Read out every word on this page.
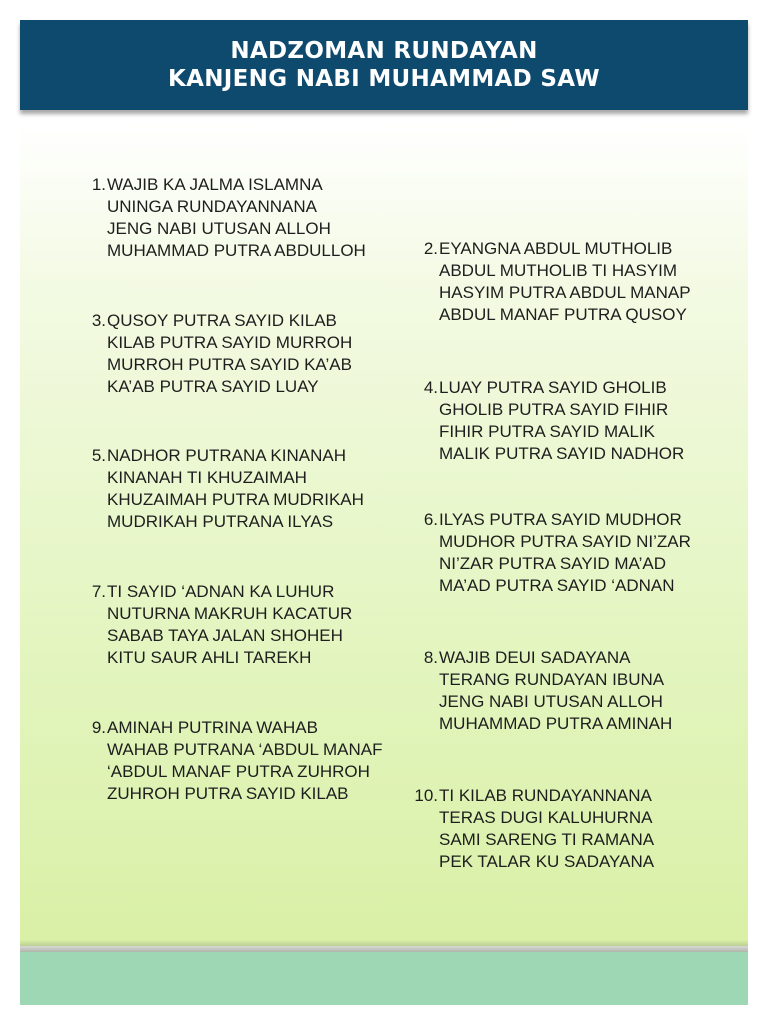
NADZOMAN RUNDAYAN
KANJENG NABI MUHAMMAD SAW
1. WAJIB KA JALMA ISLAMNA
UNINGA RUNDAYANNANA
JENG NABI UTUSAN ALLOH
MUHAMMAD PUTRA ABDULLOH	2. EYANGNA ABDUL MUTHOLIB
ABDUL MUTHOLIB TI HASYIM
HASYIM PUTRA ABDUL MANAP
ABDUL MANAF PUTRA QUSOY
3. QUSOY PUTRA SAYID KILAB
KILAB PUTRA SAYID MURROH
MURROH PUTRA SAYID KA’AB
KA’AB PUTRA SAYID LUAY	4. LUAY PUTRA SAYID GHOLIB
GHOLIB PUTRA SAYID FIHIR
FIHIR PUTRA SAYID MALIK
MALIK PUTRA SAYID NADHOR
5. NADHOR PUTRANA KINANAH
KINANAH TI KHUZAIMAH
KHUZAIMAH PUTRA MUDRIKAH
MUDRIKAH PUTRANA ILYAS	6. ILYAS PUTRA SAYID MUDHOR
MUDHOR PUTRA SAYID NI’ZAR
NI’ZAR PUTRA SAYID MA’AD
MA’AD PUTRA SAYID ‘ADNAN
7. TI SAYID ‘ADNAN KA LUHUR
NUTURNA MAKRUH KACATUR
SABAB TAYA JALAN SHOHEH
KITU SAUR AHLI TAREKH	8. WAJIB DEUI SADAYANA
TERANG RUNDAYAN IBUNA
JENG NABI UTUSAN ALLOH
MUHAMMAD PUTRA AMINAH
9. AMINAH PUTRINA WAHAB
WAHAB PUTRANA ‘ABDUL MANAF
‘ABDUL MANAF PUTRA ZUHROH
ZUHROH PUTRA SAYID KILAB	10. TI KILAB RUNDAYANNANA
TERAS DUGI KALUHURNA
SAMI SARENG TI RAMANA
PEK TALAR KU SADAYANA
